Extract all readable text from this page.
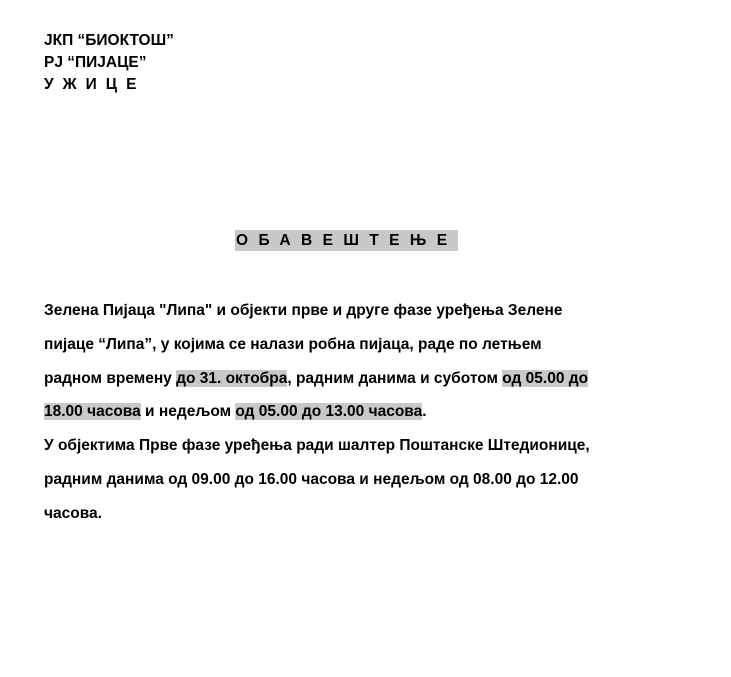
JКП “БИОКТОШ”
РЈ “ПИЈАЦЕ”
УЖИЦЕ
ОБАВЕШТЕЊЕ
Зелена Пијаца "Липа" и објекти прве и друге фазе уређења Зелене
пијаце “Липа”, у којима се налази робна пијаца, раде по летњем
радном времену до 31. октобра, радним данима и суботом од 05.00 до
18.00 часова и недељом од 05.00 до 13.00 часова.
У објектима Прве фазе уређења ради шалтер Поштанске Штедионице,
радним данима од 09.00 до 16.00 часова и недељом од 08.00 до 12.00
часова.
